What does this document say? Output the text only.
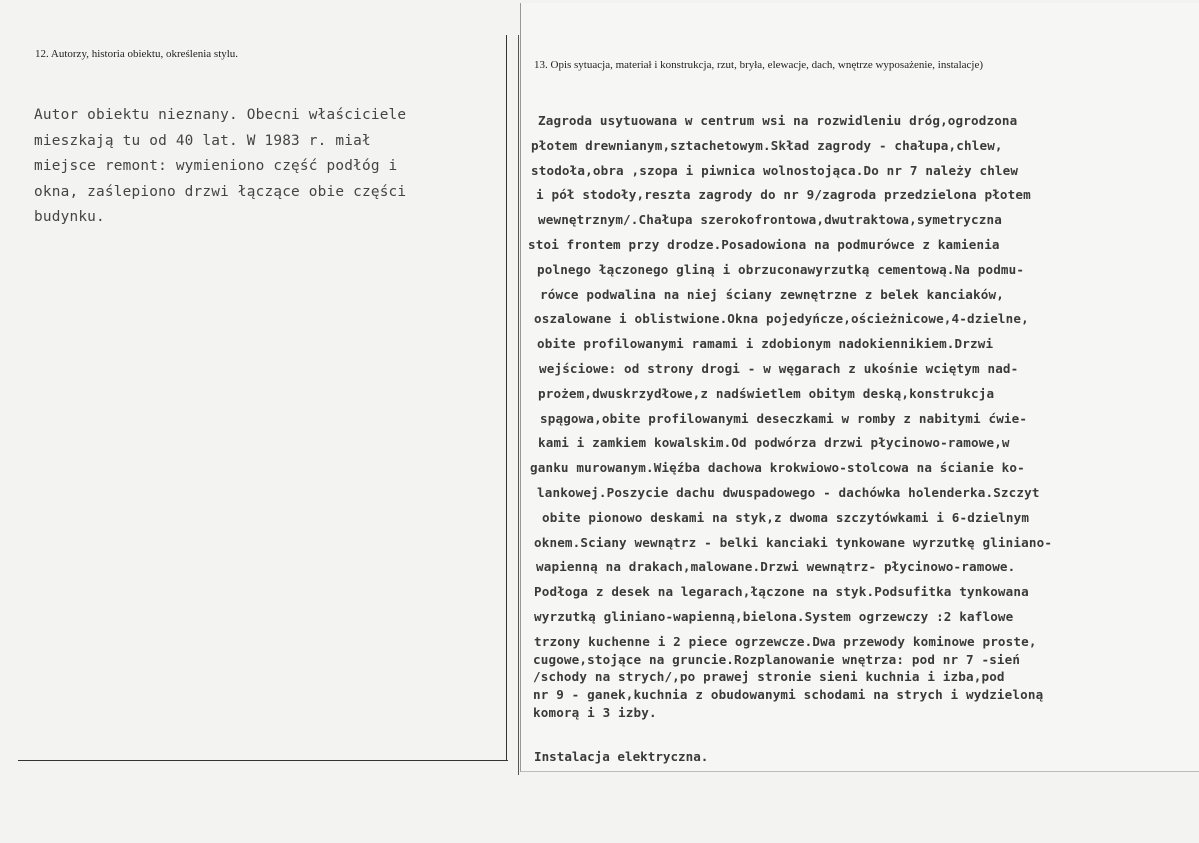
12. Autorzy, historia obiektu, określenia stylu.
Autor obiektu nieznany. Obecni właściciele
mieszkają tu od 40 lat. W 1983 r. miał
miejsce remont: wymieniono część podłóg i
okna, zaślepiono drzwi łączące obie części
budynku.
13. Opis sytuacja, materiał i konstrukcja, rzut, bryła, elewacje, dach, wnętrze wyposażenie, instalacje)
Zagroda usytuowana w centrum wsi na rozwidleniu dróg,ogrodzona
płotem drewnianym,sztachetowym.Skład zagrody - chałupa,chlew,
stodoła,obra ,szopa i piwnica wolnostojąca.Do nr 7 należy chlew
i pół stodoły,reszta zagrody do nr 9/zagroda przedzielona płotem
wewnętrznym/.Chałupa szerokofrontowa,dwutraktowa,symetryczna
stoi frontem przy drodze.Posadowiona na podmurówce z kamienia
polnego łączonego gliną i obrzuconawyrzutką cementową.Na podmu-
rówce podwalina na niej ściany zewnętrzne z belek kanciaków,
oszalowane i oblistwione.Okna pojedyńcze,ościeżnicowe,4-dzielne,
obite profilowanymi ramami i zdobionym nadokiennikiem.Drzwi
wejściowe: od strony drogi - w węgarach z ukośnie wciętym nad-
prożem,dwuskrzydłowe,z nadświetlem obitym deską,konstrukcja
spągowa,obite profilowanymi deseczkami w romby z nabitymi ćwie-
kami i zamkiem kowalskim.Od podwórza drzwi płycinowo-ramowe,w
ganku murowanym.Więźba dachowa krokwiowo-stolcowa na ścianie ko-
lankowej.Poszycie dachu dwuspadowego - dachówka holenderka.Szczyt
obite pionowo deskami na styk,z dwoma szczytówkami i 6-dzielnym
oknem.Sciany wewnątrz - belki kanciaki tynkowane wyrzutkę gliniano-
wapienną na drakach,malowane.Drzwi wewnątrz- płycinowo-ramowe.
Podłoga z desek na legarach,łączone na styk.Podsufitka tynkowana
wyrzutką gliniano-wapienną,bielona.System ogrzewczy :2 kaflowe
trzony kuchenne i 2 piece ogrzewcze.Dwa przewody kominowe proste,
cugowe,stojące na gruncie.Rozplanowanie wnętrza: pod nr 7 -sień
/schody na strych/,po prawej stronie sieni kuchnia i izba,pod
nr 9 - ganek,kuchnia z obudowanymi schodami na strych i wydzieloną
komorą i 3 izby.
Instalacja elektryczna.
